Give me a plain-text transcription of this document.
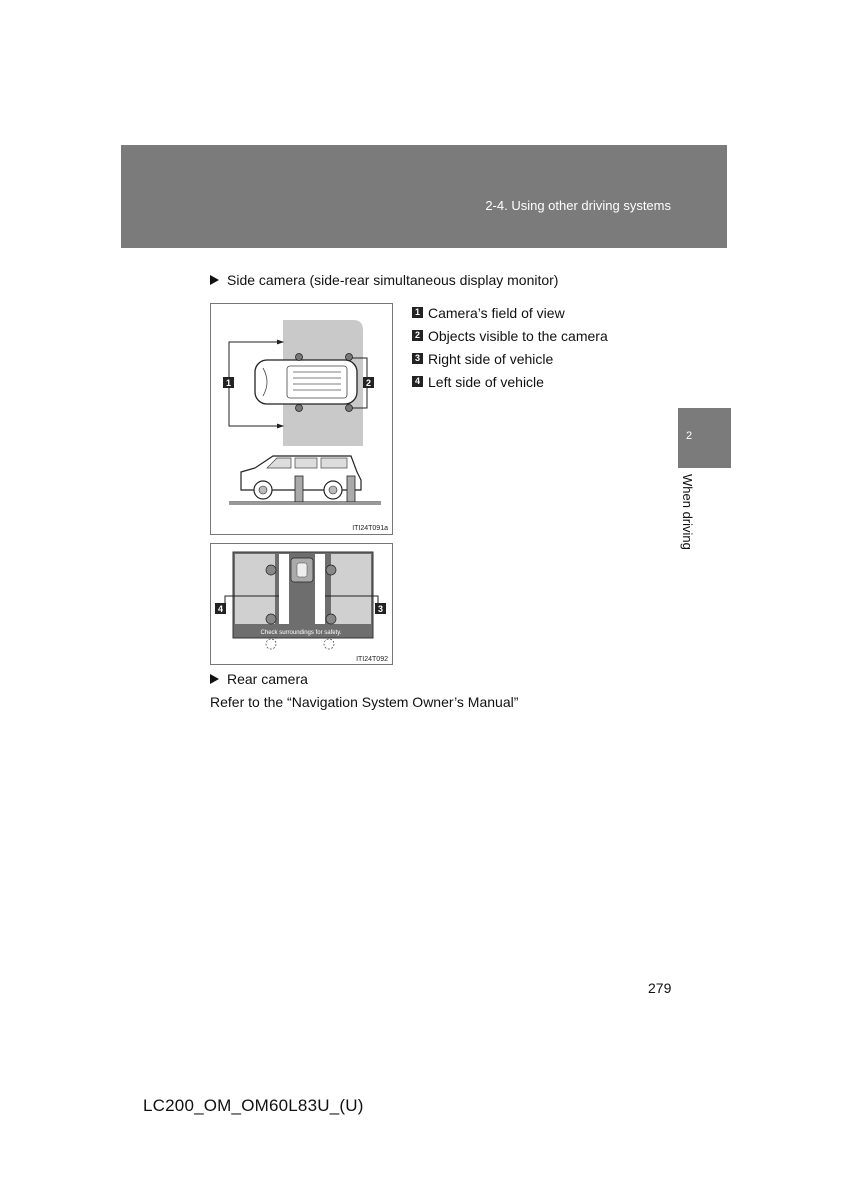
2-4. Using other driving systems
2
When driving
Side camera (side-rear simultaneous display monitor)
1	2
ITI24T091a
1 Camera’s field of view
2 Objects visible to the camera
3 Right side of vehicle
4 Left side of vehicle
4	3
Check surroundings for safety.
ITI24T092
Rear camera
Refer to the “Navigation System Owner’s Manual”
279
LC200_OM_OM60L83U_(U)
